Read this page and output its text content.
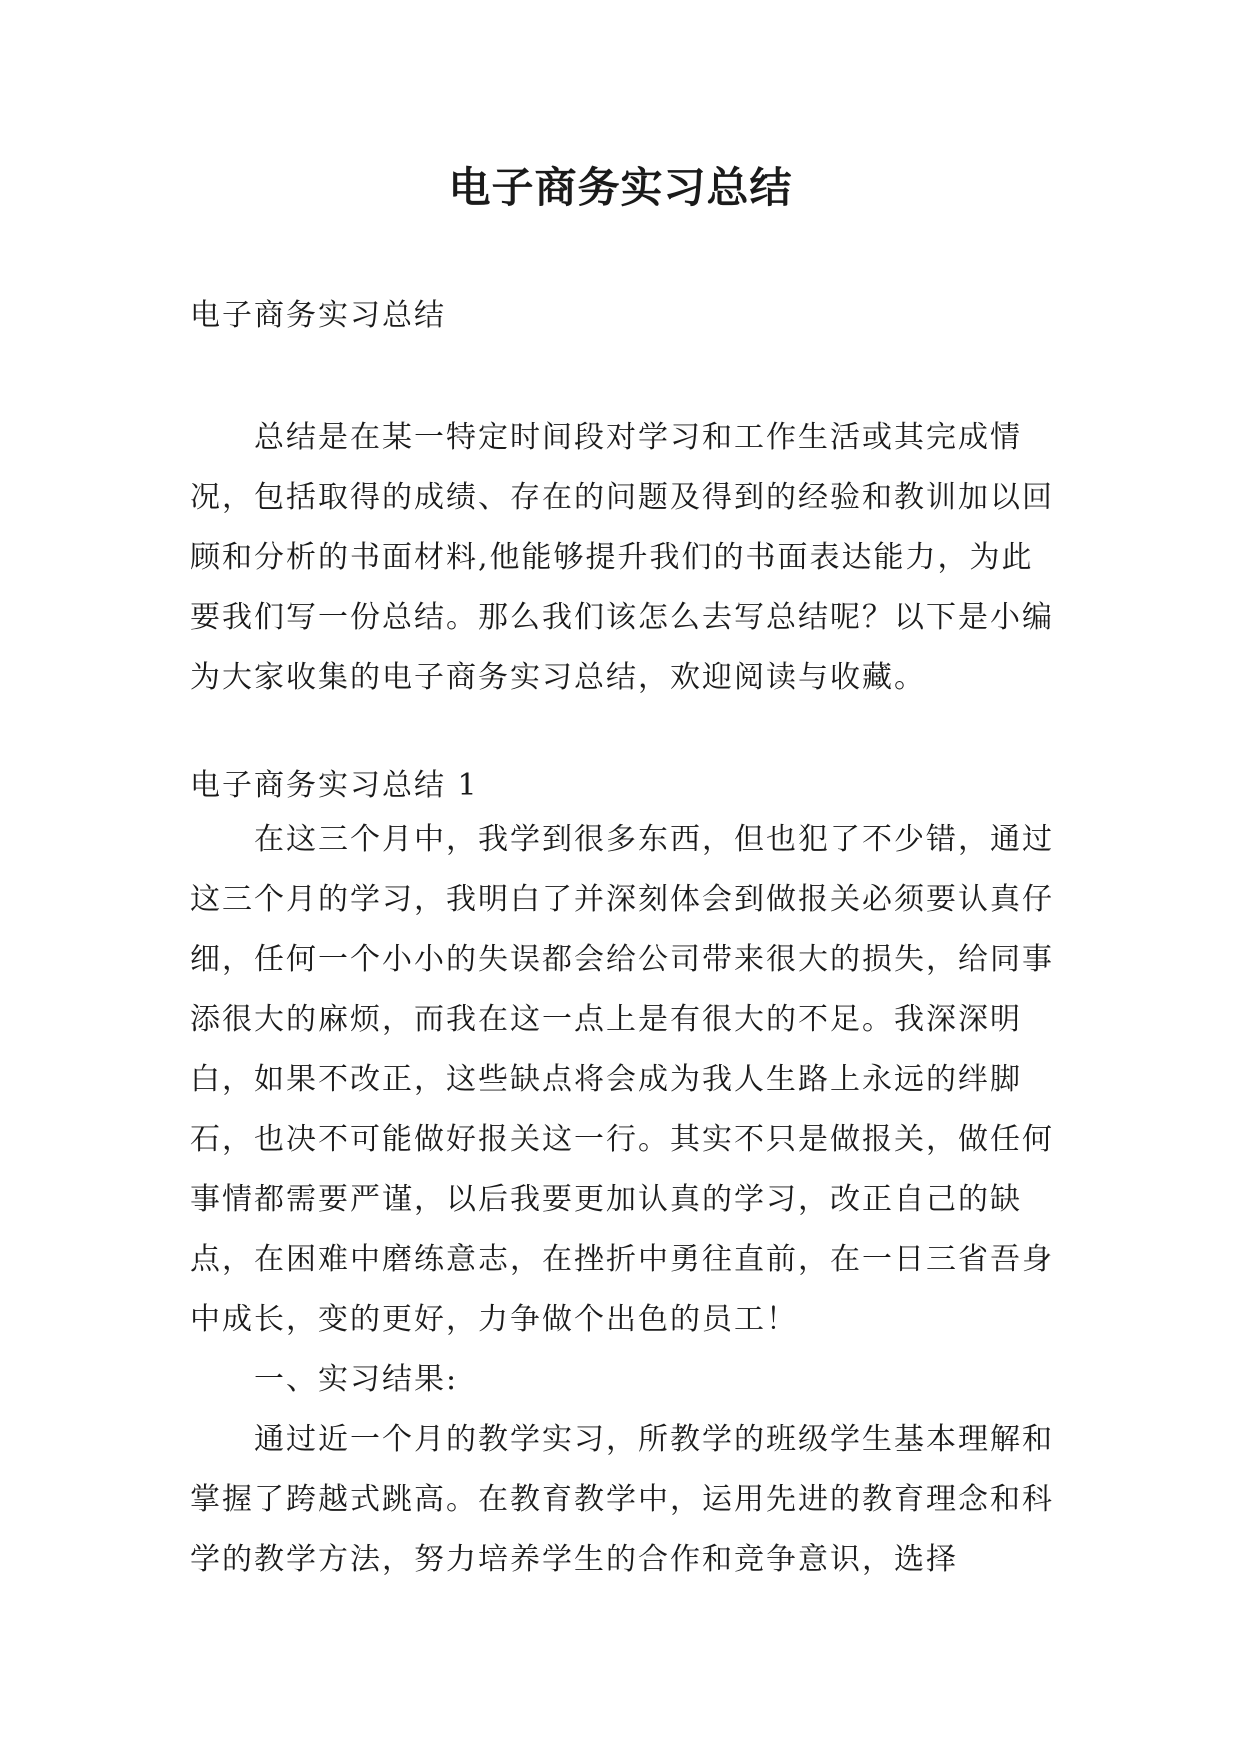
电子商务实习总结
电子商务实习总结

总结是在某一特定时间段对学习和工作生活或其完成情况，包括取得的成绩、存在的问题及得到的经验和教训加以回顾和分析的书面材料,他能够提升我们的书面表达能力，为此要我们写一份总结。那么我们该怎么去写总结呢？以下是小编为大家收集的电子商务实习总结，欢迎阅读与收藏。

电子商务实习总结 1

在这三个月中，我学到很多东西，但也犯了不少错，通过这三个月的学习，我明白了并深刻体会到做报关必须要认真仔细，任何一个小小的失误都会给公司带来很大的损失，给同事添很大的麻烦，而我在这一点上是有很大的不足。我深深明白，如果不改正，这些缺点将会成为我人生路上永远的绊脚石，也决不可能做好报关这一行。其实不只是做报关，做任何事情都需要严谨，以后我要更加认真的学习，改正自己的缺点，在困难中磨练意志，在挫折中勇往直前，在一日三省吾身中成长，变的更好，力争做个出色的员工！

一、实习结果:

通过近一个月的教学实习，所教学的班级学生基本理解和掌握了跨越式跳高。在教育教学中，运用先进的教育理念和科学的教学方法，努力培养学生的合作和竞争意识，选择
